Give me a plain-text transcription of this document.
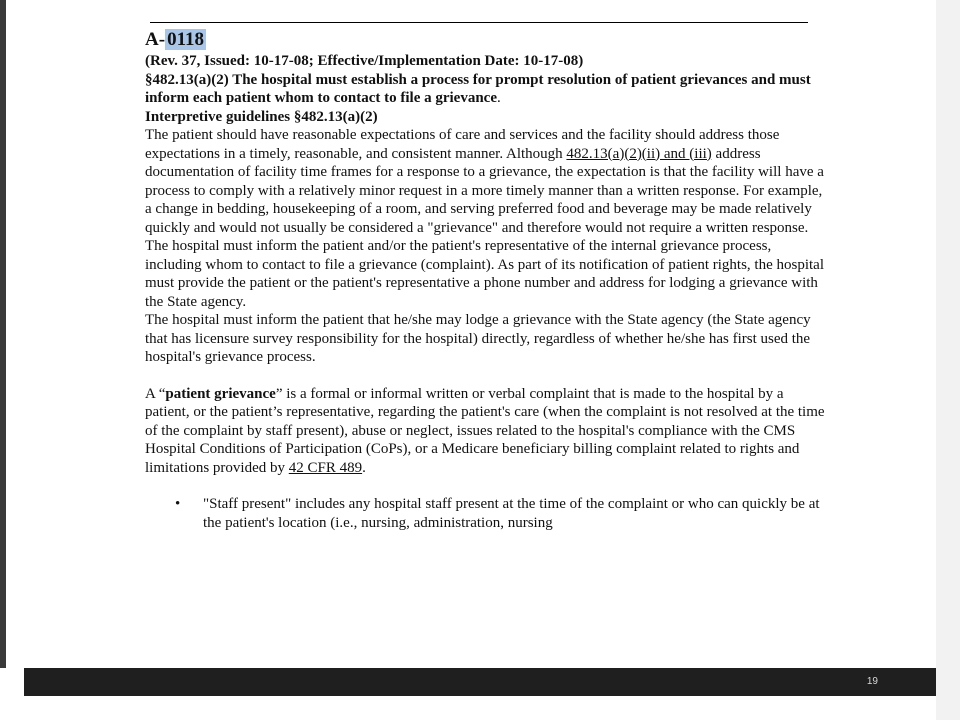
A- 0118

(Rev. 37, Issued: 10-17-08; Effective/Implementation Date: 10-17-08)

§482.13(a)(2) The hospital must establish a process for prompt resolution of patient grievances and must inform each patient whom to contact to file a grievance.

Interpretive guidelines §482.13(a)(2)

The patient should have reasonable expectations of care and services and the facility should address those expectations in a timely, reasonable, and consistent manner. Although 482.13(a)(2)(ii) and (iii) address documentation of facility time frames for a response to a grievance, the expectation is that the facility will have a process to comply with a relatively minor request in a more timely manner than a written response. For example, a change in bedding, housekeeping of a room, and serving preferred food and beverage may be made relatively quickly and would not usually be considered a "grievance" and therefore would not require a written response.

The hospital must inform the patient and/or the patient's representative of the internal grievance process, including whom to contact to file a grievance (complaint). As part of its notification of patient rights, the hospital must provide the patient or the patient's representative a phone number and address for lodging a grievance with the State agency.

The hospital must inform the patient that he/she may lodge a grievance with the State agency (the State agency that has licensure survey responsibility for the hospital) directly, regardless of whether he/she has first used the hospital's grievance process.

A “patient grievance” is a formal or informal written or verbal complaint that is made to the hospital by a patient, or the patient’s representative, regarding the patient's care (when the complaint is not resolved at the time of the complaint by staff present), abuse or neglect, issues related to the hospital's compliance with the CMS Hospital Conditions of Participation (CoPs), or a Medicare beneficiary billing complaint related to rights and limitations provided by 42 CFR 489.

•	"Staff present" includes any hospital staff present at the time of the complaint or who can quickly be at the patient's location (i.e., nursing, administration, nursing
19
